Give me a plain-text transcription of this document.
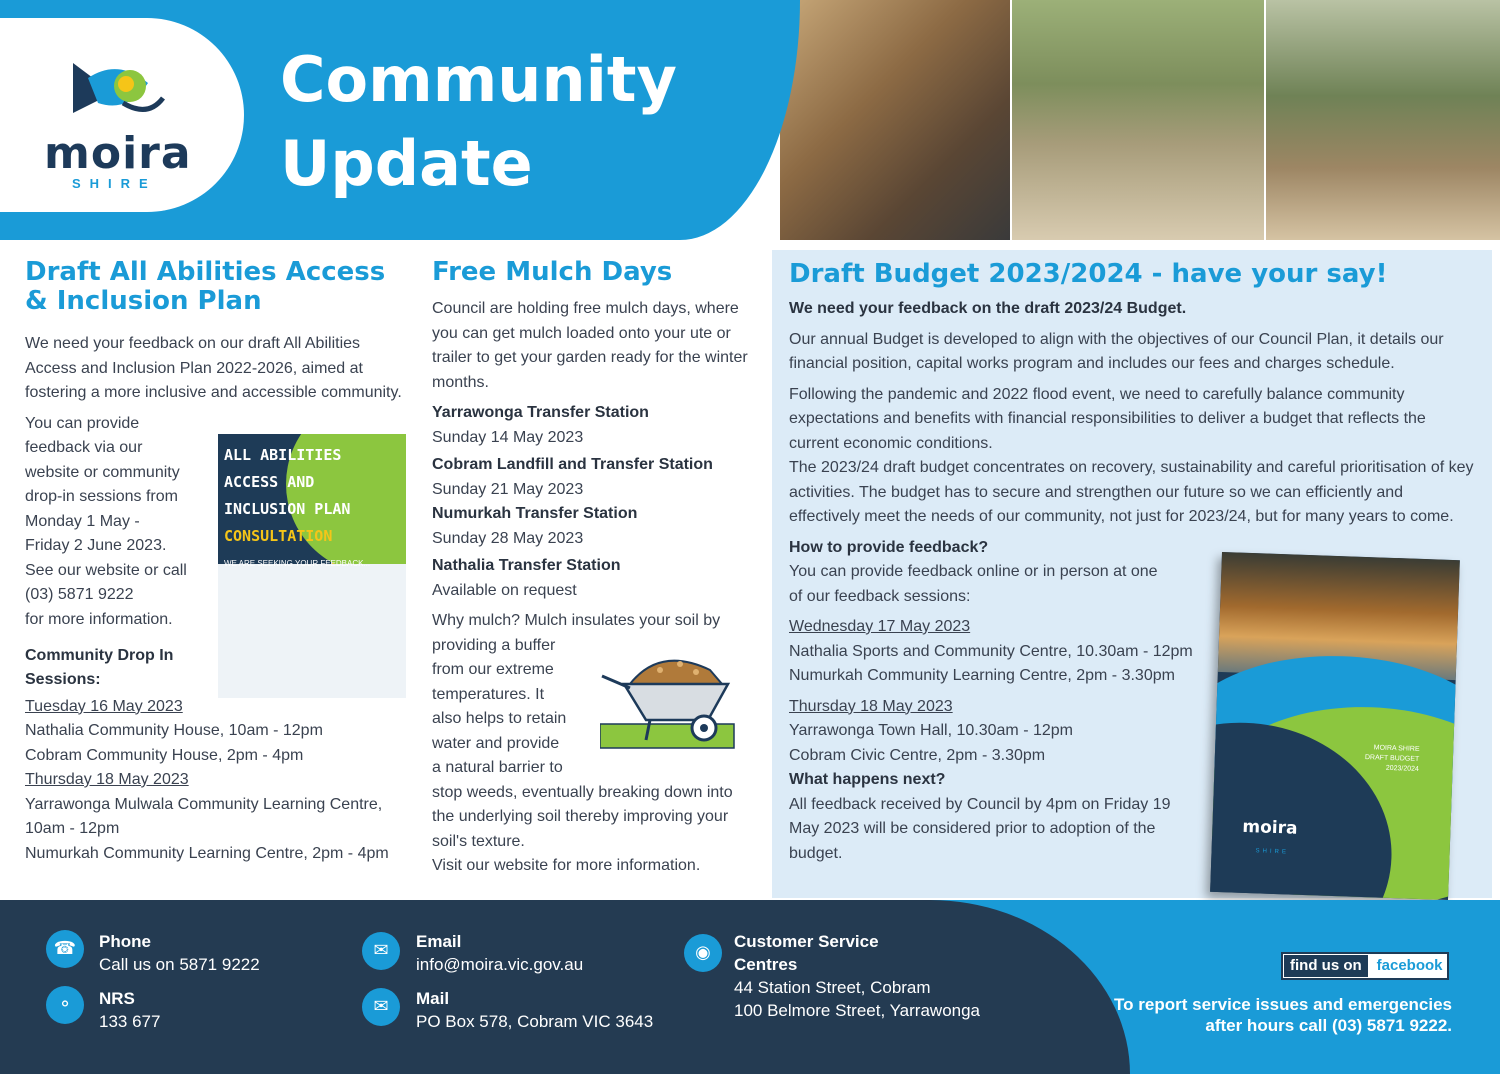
moira
SHIRE
Community
Update
Draft All Abilities Access & Inclusion Plan

We need your feedback on our draft All Abilities Access and Inclusion Plan 2022-2026, aimed at fostering a more inclusive and accessible community.

You can provide
feedback via our
website or community
drop-in sessions from
Monday 1 May -
Friday 2 June 2023.
See our website or call
(03) 5871 9222
for more information.
Community Drop In
Sessions:
Tuesday 16 May 2023
Nathalia Community House, 10am - 12pm
Cobram Community House, 2pm - 4pm
Thursday 18 May 2023
Yarrawonga Mulwala Community Learning Centre,
10am - 12pm
Numurkah Community Learning Centre, 2pm - 4pm
ALL ABILITIES
ACCESS AND
INCLUSION PLAN
CONSULTATION
WE ARE SEEKING YOUR FEEDBACK...
Free Mulch Days

Council are holding free mulch days, where you can get mulch loaded onto your ute or trailer to get your garden ready for the winter months.

Yarrawonga Transfer Station
Sunday 14 May 2023
Cobram Landfill and Transfer Station
Sunday 21 May 2023
Numurkah Transfer Station
Sunday 28 May 2023
Nathalia Transfer Station
Available on request
Why mulch? Mulch insulates your soil by
providing a buffer
from our extreme
temperatures. It
also helps to retain
water and provide
a natural barrier to
stop weeds, eventually breaking down into
the underlying soil thereby improving your
soil's texture.
Visit our website for more information.
Draft Budget 2023/2024 - have your say!

We need your feedback on the draft 2023/24 Budget.

Our annual Budget is developed to align with the objectives of our Council Plan, it details our financial position, capital works program and includes our fees and charges schedule.

Following the pandemic and 2022 flood event, we need to carefully balance community expectations and benefits with financial responsibilities to deliver a budget that reflects the current economic conditions.

The 2023/24 draft budget concentrates on recovery, sustainability and careful prioritisation of key activities. The budget has to secure and strengthen our future so we can efficiently and effectively meet the needs of our community, not just for 2023/24, but for many years to come.

How to provide feedback?
You can provide feedback online or in person at one
of our feedback sessions:
Wednesday 17 May 2023
Nathalia Sports and Community Centre, 10.30am - 12pm
Numurkah Community Learning Centre, 2pm - 3.30pm
Thursday 18 May 2023
Yarrawonga Town Hall, 10.30am - 12pm
Cobram Civic Centre, 2pm - 3.30pm
What happens next?
All feedback received by Council by 4pm on Friday 19
May 2023 will be considered prior to adoption of the
budget.
MOIRA SHIRE
DRAFT BUDGET
2023/2024
moira
SHIRE
☎	Phone
Call us on 5871 9222
⚬	NRS
133 677
✉	Email
info@moira.vic.gov.au
✉	Mail
PO Box 578, Cobram VIC 3643
◉
Customer Service
Centres
44 Station Street, Cobram
100 Belmore Street, Yarrawonga
find us on facebook
To report service issues and emergencies
after hours call (03) 5871 9222.
